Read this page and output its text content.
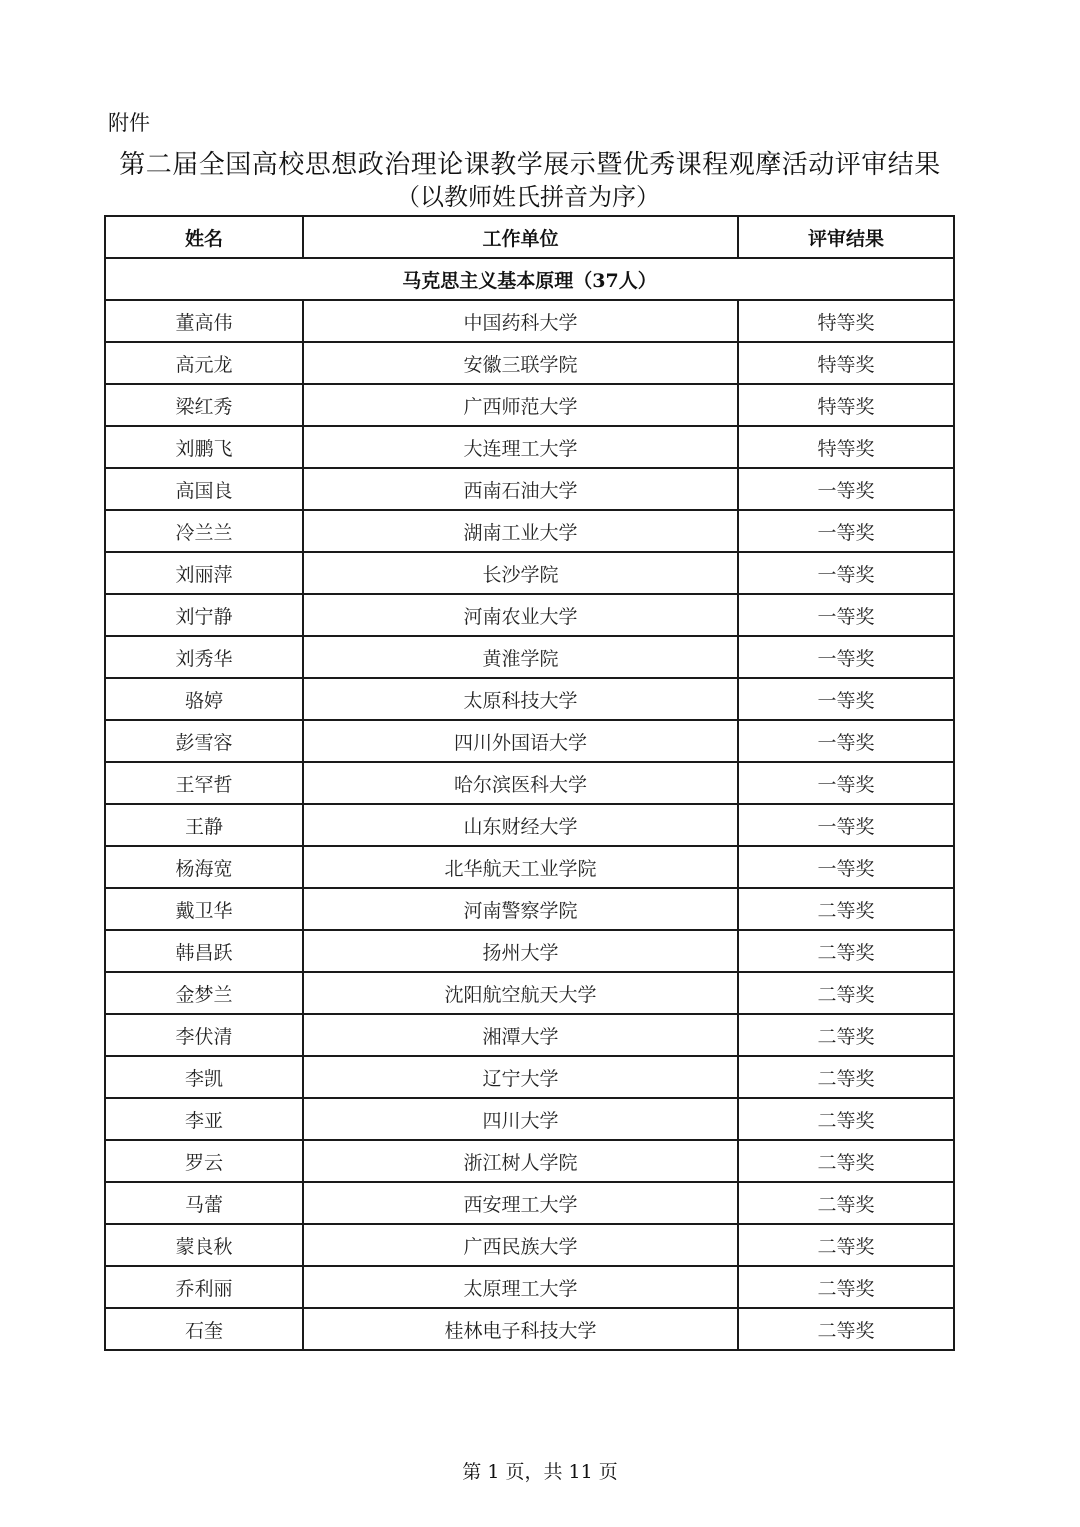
附件
第二届全国高校思想政治理论课教学展示暨优秀课程观摩活动评审结果
（以教师姓氏拼音为序）
姓名	工作单位	评审结果
马克思主义基本原理（37人）		
董高伟	中国药科大学	特等奖
高元龙	安徽三联学院	特等奖
梁红秀	广西师范大学	特等奖
刘鹏飞	大连理工大学	特等奖
高国良	西南石油大学	一等奖
冷兰兰	湖南工业大学	一等奖
刘丽萍	长沙学院	一等奖
刘宁静	河南农业大学	一等奖
刘秀华	黄淮学院	一等奖
骆婷	太原科技大学	一等奖
彭雪容	四川外国语大学	一等奖
王罕哲	哈尔滨医科大学	一等奖
王静	山东财经大学	一等奖
杨海宽	北华航天工业学院	一等奖
戴卫华	河南警察学院	二等奖
韩昌跃	扬州大学	二等奖
金梦兰	沈阳航空航天大学	二等奖
李伏清	湘潭大学	二等奖
李凯	辽宁大学	二等奖
李亚	四川大学	二等奖
罗云	浙江树人学院	二等奖
马蕾	西安理工大学	二等奖
蒙良秋	广西民族大学	二等奖
乔利丽	太原理工大学	二等奖
石奎	桂林电子科技大学	二等奖
第 1 页，共 11 页
